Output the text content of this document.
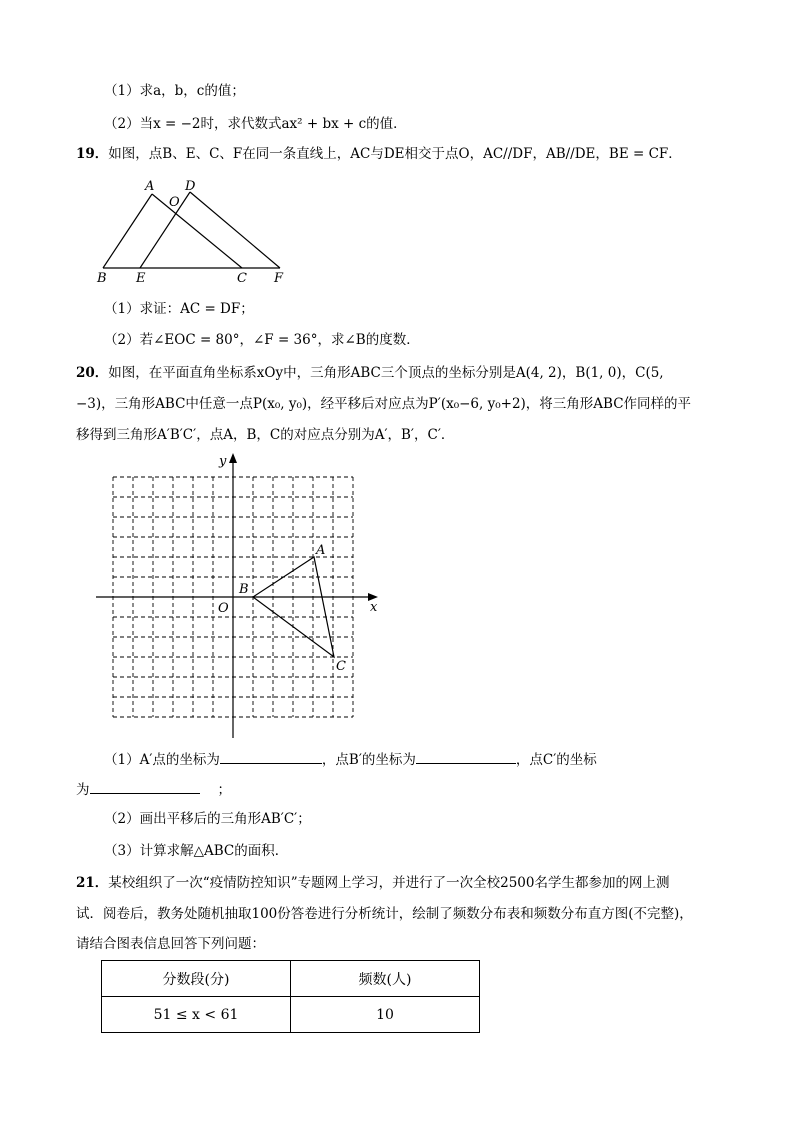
（1）求a，b，c的值；
（2）当x = −2时，求代数式ax² + bx + c的值．
19．如图，点B、E、C、F在同一条直线上，AC与DE相交于点O，AC//DF，AB//DE，BE = CF．
A D
O
B E	C F
（1）求证：AC = DF；
（2）若∠EOC = 80°，∠F = 36°，求∠B的度数．
20．如图，在平面直角坐标系xOy中，三角形ABC三个顶点的坐标分别是A(4, 2)，B(1, 0)，C(5,
−3)，三角形ABC中任意一点P(x₀, y₀)，经平移后对应点为P′(x₀−6, y₀+2)，将三角形ABC作同样的平
移得到三角形A′B′C′，点A，B，C的对应点分别为A′，B′，C′．
x
y
O
A
B
C
（1）A′点的坐标为	，点B′的坐标为	，点C′的坐标
为	；
（2）画出平移后的三角形AB′C′；
（3）计算求解△ABC的面积．
21．某校组织了一次“疫情防控知识”专题网上学习，并进行了一次全校2500名学生都参加的网上测
试．阅卷后，教务处随机抽取100份答卷进行分析统计，绘制了频数分布表和频数分布直方图(不完整)，
请结合图表信息回答下列问题：
分数段(分)	频数(人)
51 ≤ x < 61	10
